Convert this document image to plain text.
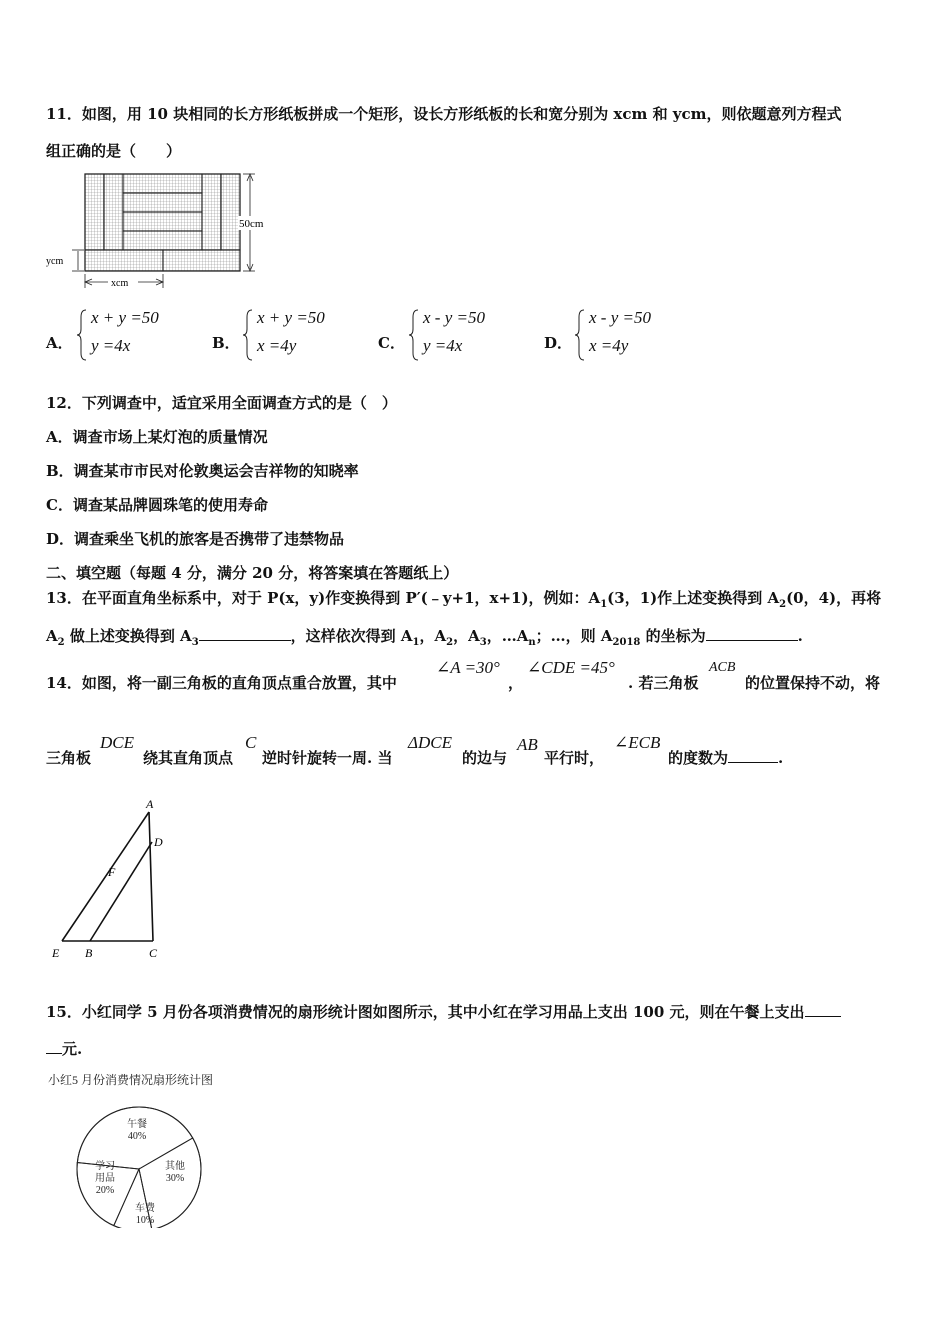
11．如图，用 10 块相同的长方形纸板拼成一个矩形，设长方形纸板的长和宽分别为 xcm 和 ycm，则依题意列方程式
组正确的是（　　）
50cm
ycm
xcm
A．
x + y =50
y =4x	B．
x + y =50
x =4y	C．
x - y =50
y =4x	D．
x - y =50
x =4y
12．下列调查中，适宜采用全面调查方式的是（　）
A．调查市场上某灯泡的质量情况
B．调查某市市民对伦敦奥运会吉祥物的知晓率
C．调查某品牌圆珠笔的使用寿命
D．调查乘坐飞机的旅客是否携带了违禁物品
二、填空题（每题 4 分，满分 20 分，将答案填在答题纸上）
13．在平面直角坐标系中，对于 P(x，y)作变换得到 P′(﹣y+1，x+1)，例如：$A_1(3$，1)作上述变换得到 $A_2(0$，4)，再将
$A_2$ 做上述变换得到 $A_3$	，这样依次得到 $A_1$，$A_2$，$A_3$，$\dots A_n$；…，则 $A_{2018}$ 的坐标为	.
14．如图，将一副三角板的直角顶点重合放置，其中
∠A =30°
，
∠CDE =45°
. 若三角板
ACB
的位置保持不动，将
三角板
DCE
绕其直角顶点
C
逆时针旋转一周. 当
ΔDCE
的边与
AB
平行时，
∠ECB
的度数为	.
A
D
F
E B	C
15．小红同学 5 月份各项消费情况的扇形统计图如图所示，其中小红在学习用品上支出 100 元，则在午餐上支出
元.
小红5 月份消费情况扇形统计图
午餐
40%
其他
30%
车费
10%
学习
用品
20%
